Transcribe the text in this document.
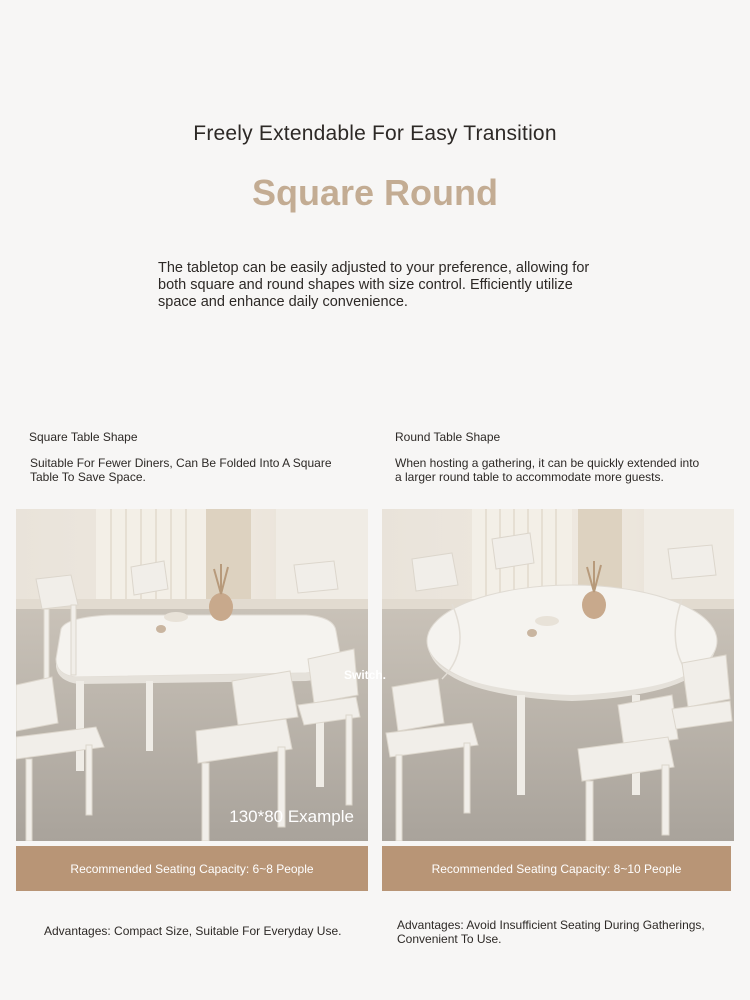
Freely Extendable For Easy Transition
Square Round
The tabletop can be easily adjusted to your preference, allowing for both square and round shapes with size control. Efficiently utilize space and enhance daily convenience.
Square Table Shape
Suitable For Fewer Diners, Can Be Folded Into A Square Table To Save Space.
130*80 Example
Recommended Seating Capacity: 6~8 People
Advantages: Compact Size, Suitable For Everyday Use.
Round Table Shape
When hosting a gathering, it can be quickly extended into a larger round table to accommodate more guests.
Switch.
Recommended Seating Capacity: 8~10 People
Advantages: Avoid Insufficient Seating During Gatherings, Convenient To Use.
